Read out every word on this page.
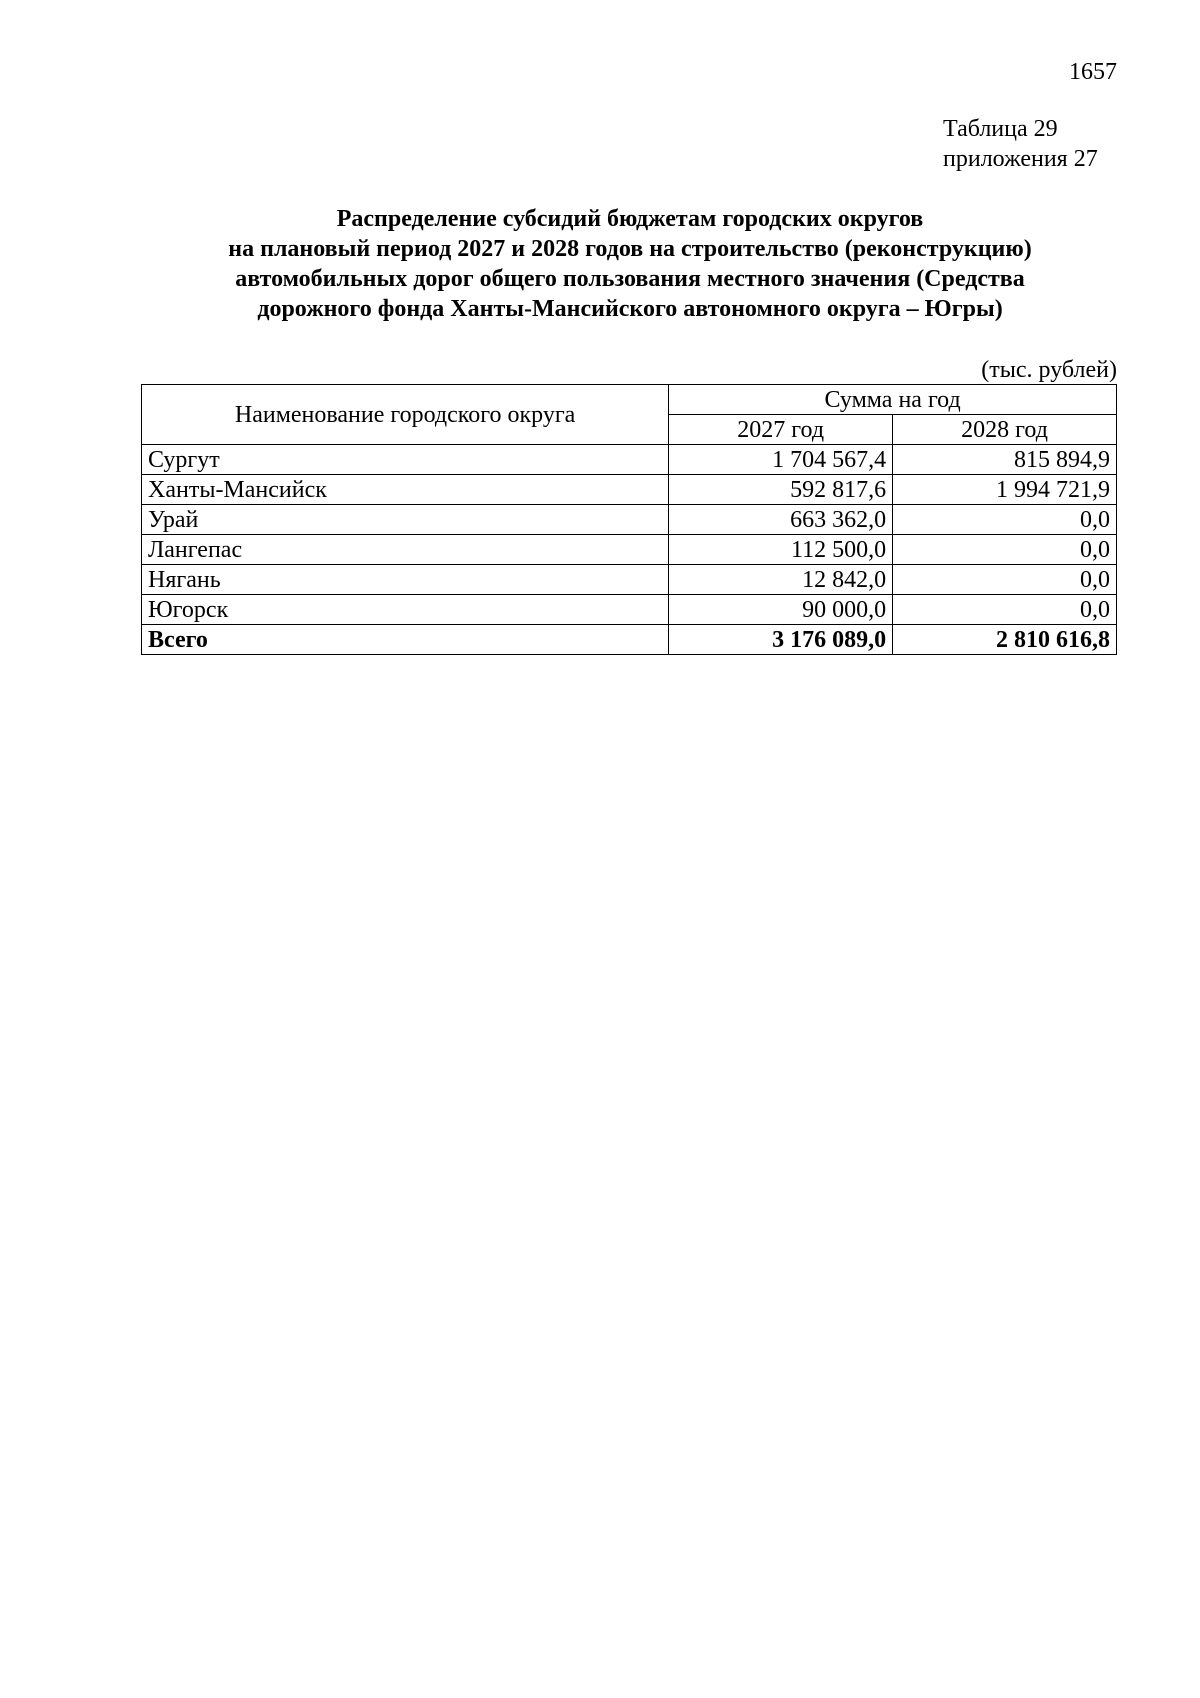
1657
Таблица 29
приложения 27
Распределение субсидий бюджетам городских округов
на плановый период 2027 и 2028 годов на строительство (реконструкцию)
автомобильных дорог общего пользования местного значения (Средства
дорожного фонда Ханты-Мансийского автономного округа – Югры)
(тыс. рублей)
Наименование городского округа	Сумма на год	
	2027 год	2028 год
Сургут	1 704 567,4	815 894,9
Ханты-Мансийск	592 817,6	1 994 721,9
Урай	663 362,0	0,0
Лангепас	112 500,0	0,0
Нягань	12 842,0	0,0
Югорск	90 000,0	0,0
Всего	3 176 089,0	2 810 616,8
